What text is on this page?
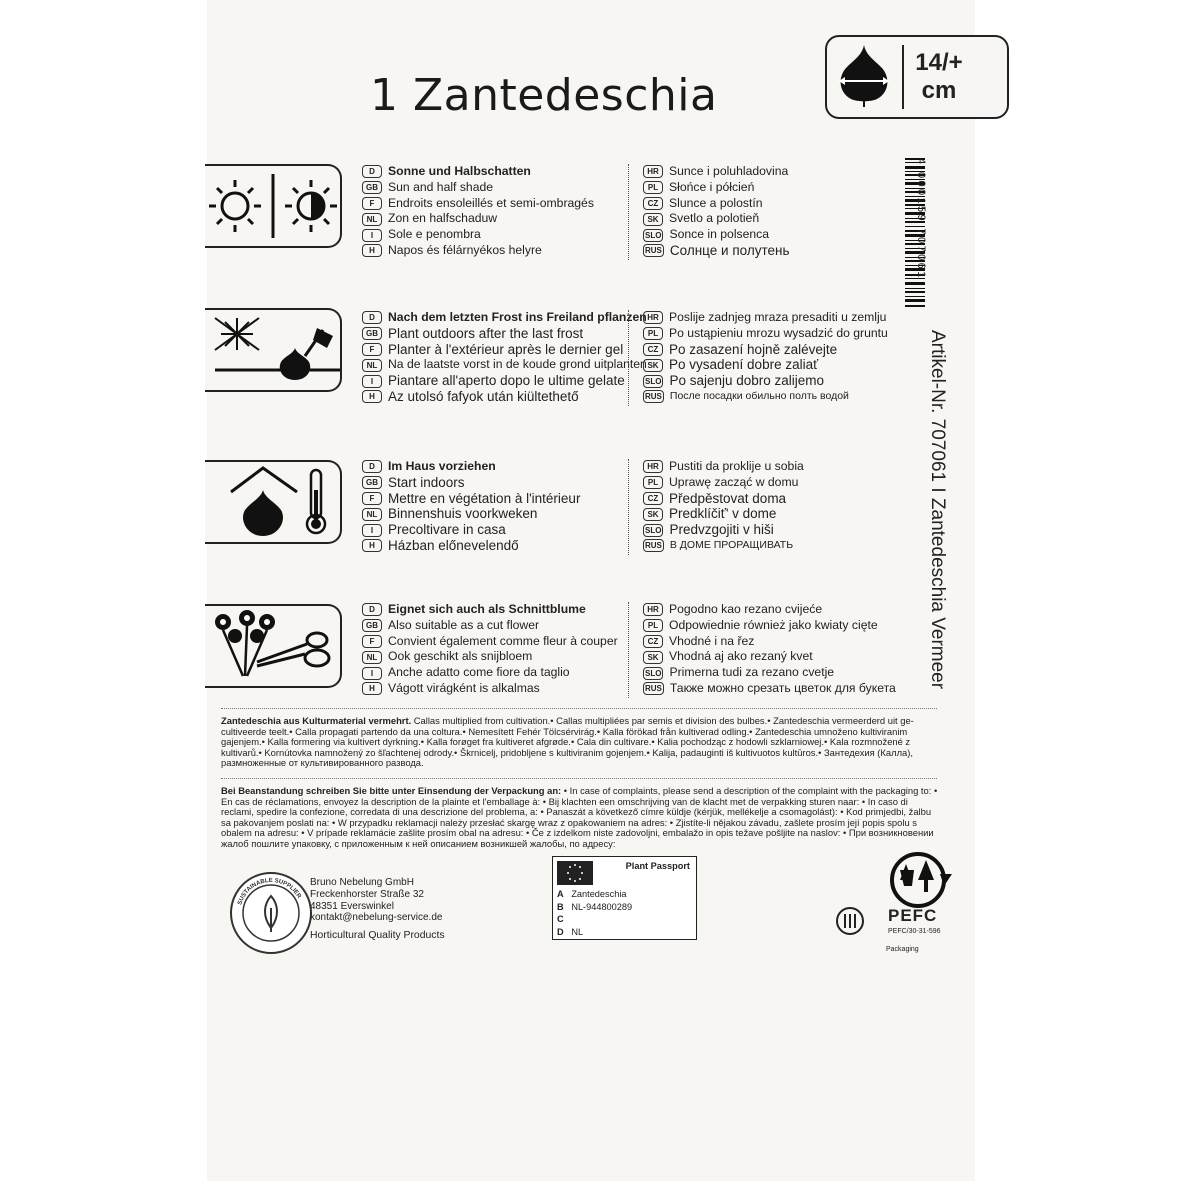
1 Zantedeschia
14/+
cm
4 000159 707061
Artikel-Nr. 707061 I Zantedeschia Vermeer
D	Sonne und Halbschatten
GB Sun and half shade
F	Endroits ensoleillés et semi-ombragés
NL Zon en halfschaduw
I	Sole e penombra
H	Napos és félárnyékos helyre
HR Sunce i poluhladovina
PL Słońce i półcień
CZ Slunce a polostín
SK Svetlo a polotieň
SLO Sonce in polsenca
RUS Солнце и полутень
D	Nach dem letzten Frost ins Freiland pflanzen
GB Plant outdoors after the last frost
F	Planter à l'extérieur après le dernier gel
NL Na de laatste vorst in de koude grond uitplanten
I	Piantare all'aperto dopo le ultime gelate
H Az utolsó fafyok után kiültethető
HR Poslije zadnjeg mraza presaditi u zemlju
PL Po ustąpieniu mrozu wysadzić do gruntu
CZ Po zasazení hojně zalévejte
SK Po vysadení dobre zaliať
SLO Po sajenju dobro zalijemo
RUS После посадки обильно полть водой
D	Im Haus vorziehen
GB Start indoors
F	Mettre en végétation à l'intérieur
NL Binnenshuis voorkweken
I	Precoltivare in casa
H Házban előnevelendő
HR Pustiti da proklije u sobia
PL Uprawę zacząć w domu
CZ Předpěstovat doma
SK Predklíčiť' v dome
SLO Predvzgojiti v hiši
RUS В ДОМЕ ПРОРАЩИВАТЬ
D	Eignet sich auch als Schnittblume
GB Also suitable as a cut flower
F	Convient également comme fleur à couper
NL Ook geschikt als snijbloem
I	Anche adatto come fiore da taglio
H	Vágott virágként is alkalmas
HR Pogodno kao rezano cvijeće
PL Odpowiednie również jako kwiaty cięte
CZ Vhodné i na řez
SK Vhodná aj ako rezaný kvet
SLO Primerna tudi za rezano cvetje
RUS Также можно срезать цветок для букета
Zantedeschia aus Kulturmaterial vermehrt. Callas multiplied from cultivation.• Callas multipliées par semis et division des bulbes.• Zantedeschia vermeerderd uit ge-cultiveerde teelt.• Calla propagati partendo da una coltura.• Nemesített Fehér Tölcsérvirág.• Kalla förökad från kultiverad odling.• Zantedeschia umnoženo kultiviranim gajenjem.• Kalla formering via kultivert dyrkning.• Kalla forøget fra kultiveret afgrøde.• Cala din cultivare.• Kalia pochodząc z hodowli szklarniowej.• Kala rozmnožené z kultivarů.• Kornútovka namnožený zo šľachtenej odrody.• Škrnicelj, pridobljene s kultiviranim gojenjem.• Kalija, padauginti iš kultivuotos kultūros.• Зантедехия (Калла), размноженные от культивированного развода.
Bei Beanstandung schreiben Sie bitte unter Einsendung der Verpackung an: • In case of complaints, please send a description of the complaint with the packaging to: • En cas de réclamations, envoyez la description de la plainte et l'emballage à: • Bij klachten een omschrijving van de klacht met de verpakking sturen naar: • In caso di reclami, spedire la confezione, corredata di una descrizione del problema, a: • Panaszát a következő címre küldje (kérjük, mellékelje a csomagolást): • Kod primjedbi, žalbu sa pakovanjem poslati na: • W przypadku reklamacji należy przesłać skargę wraz z opakowaniem na adres: • Zjistíte-li nějakou závadu, zašlete prosím její popis spolu s obalem na adresu: • V prípade reklamácie zašlite prosím obal na adresu: • Če z izdelkom niste zadovoljni, embalažo in opis težave pošljite na naslov: • При возникновении жалоб пошлите упаковку, с приложенным к ней описанием возникшей жалобы, по адресу:
SUSTAINABLE SUPPLIER
Bruno Nebelung GmbH
Freckenhorster Straße 32
48351 Everswinkel
kontakt@nebelung-service.de
Horticultural Quality Products
Plant Passport
A Zantedeschia
B NL-944800289
C
D NL
PEFC
PEFC/30-31-596
Packaging
